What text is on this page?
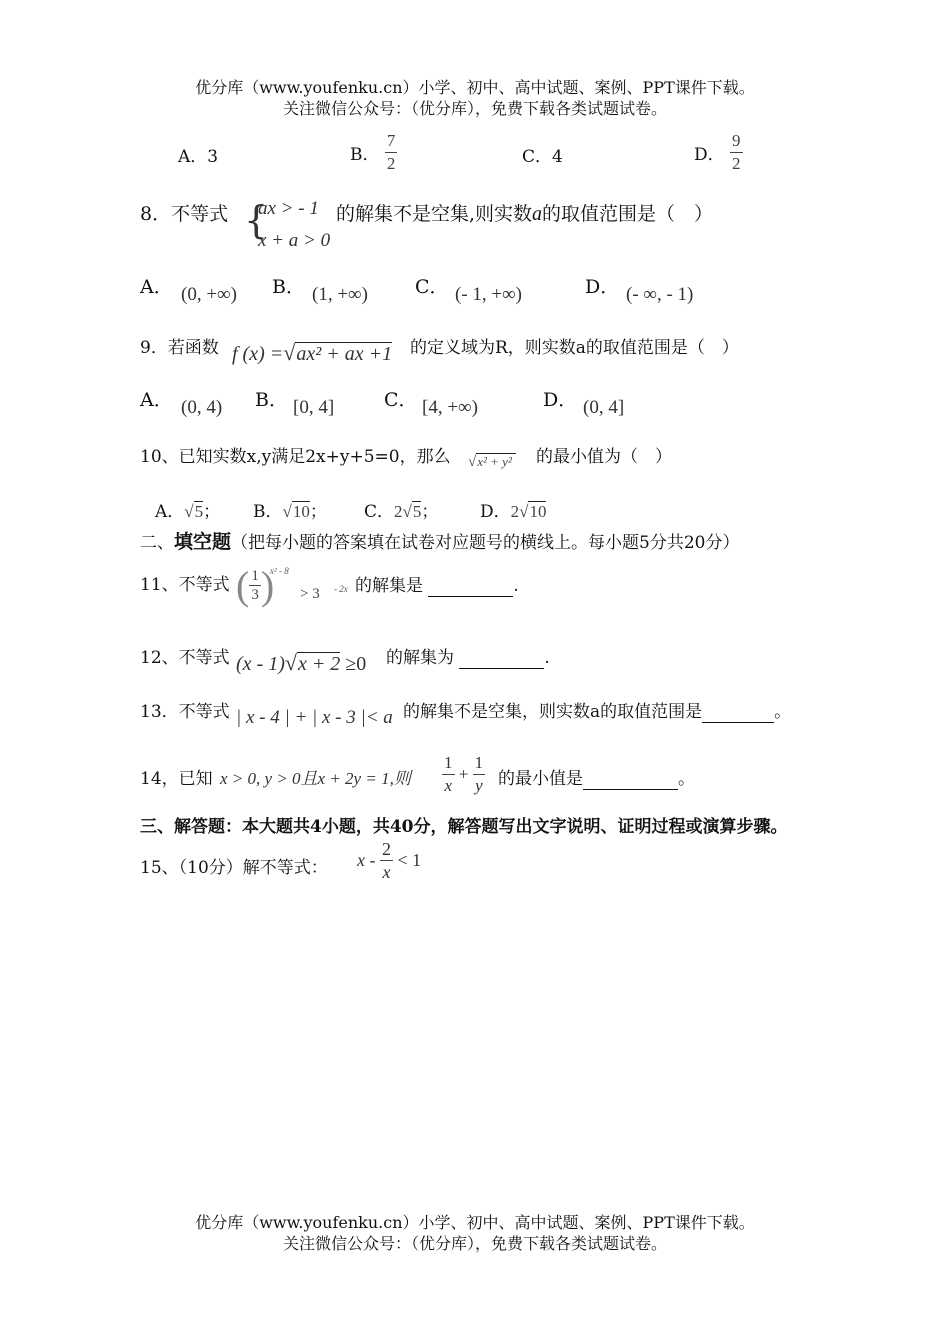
优分库（www.youfenku.cn）小学、初中、高中试题、案例、PPT课件下载。
关注微信公众号：（优分库），免费下载各类试题试卷。
A．3	B． $\frac{7}{2}$	C．4	D． $\frac{9}{2}$
8．不等式 {
ax > - 1
x + a > 0
的解集不是空集,则实数a的取值范围是（　）
A． (0, +∞) B． (1, +∞) C． (- 1, +∞)	D． (- ∞, - 1)
9．若函数 f (x) =√ax² + ax +1 的定义域为R，则实数a的取值范围是（　）
A． (0, 4) B． [0, 4]	C． [4, +∞)	D． (0, 4]
10、已知实数x,y满足2x+y+5=0，那么 √x² + y² 的最小值为（　）
A．√5； B．√10； C．2√5； D．2√10
二、填空题（把每小题的答案填在试卷对应题号的横线上。每小题5分共20分）
11、不等式 ( $\frac{1}{3}$ )
x² - 8
> 3 - 2x 的解集是	.
12、不等式 (x - 1)√x + 2 ≥0 的解集为	.
13．不等式 | x - 4 | + | x - 3 |< a 的解集不是空集，则实数a的取值范围是	。
14，已知 x > 0, y > 0且x + 2y = 1,则 $\frac{1}{x} + \frac{1}{y}$ 的最小值是	。
三、解答题：本大题共4小题，共40分，解答题写出文字说明、证明过程或演算步骤。
15、（10分）解不等式： $x - \frac{2}{x} < 1$
优分库（www.youfenku.cn）小学、初中、高中试题、案例、PPT课件下载。
关注微信公众号：（优分库），免费下载各类试题试卷。
